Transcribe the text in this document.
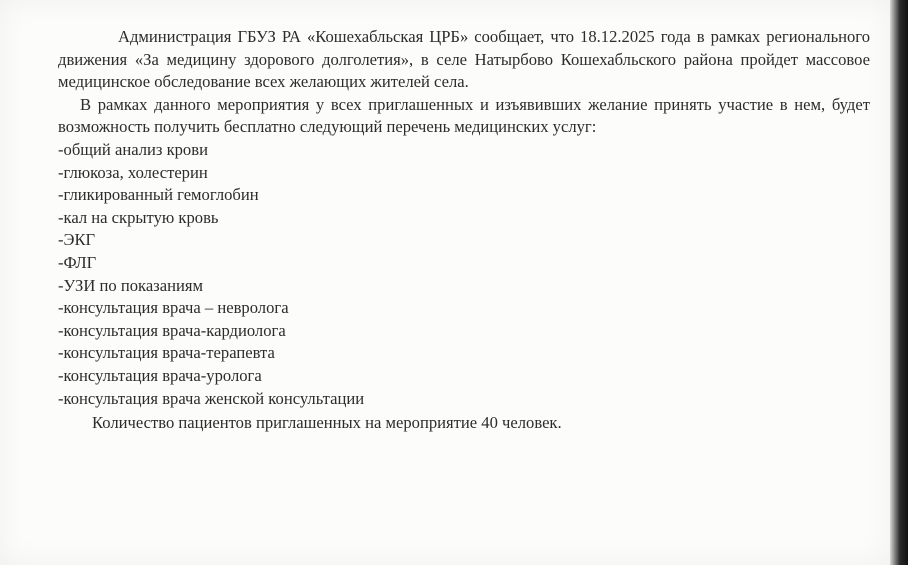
Администрация ГБУЗ РА «Кошехабльская ЦРБ» сообщает, что 18.12.2025 года в рамках регионального движения «За медицину здорового долголетия», в селе Натырбово Кошехабльского района пройдет массовое медицинское обследование всех желающих жителей села.

В рамках данного мероприятия у всех приглашенных и изъявивших желание принять участие в нем, будет возможность получить бесплатно следующий перечень медицинских услуг:

-общий анализ крови
-глюкоза, холестерин
-гликированный гемоглобин
-кал на скрытую кровь
-ЭКГ
-ФЛГ
-УЗИ по показаниям
-консультация врача – невролога
-консультация врача-кардиолога
-консультация врача-терапевта
-консультация врача-уролога
-консультация врача женской консультации

Количество пациентов приглашенных на мероприятие 40 человек.
